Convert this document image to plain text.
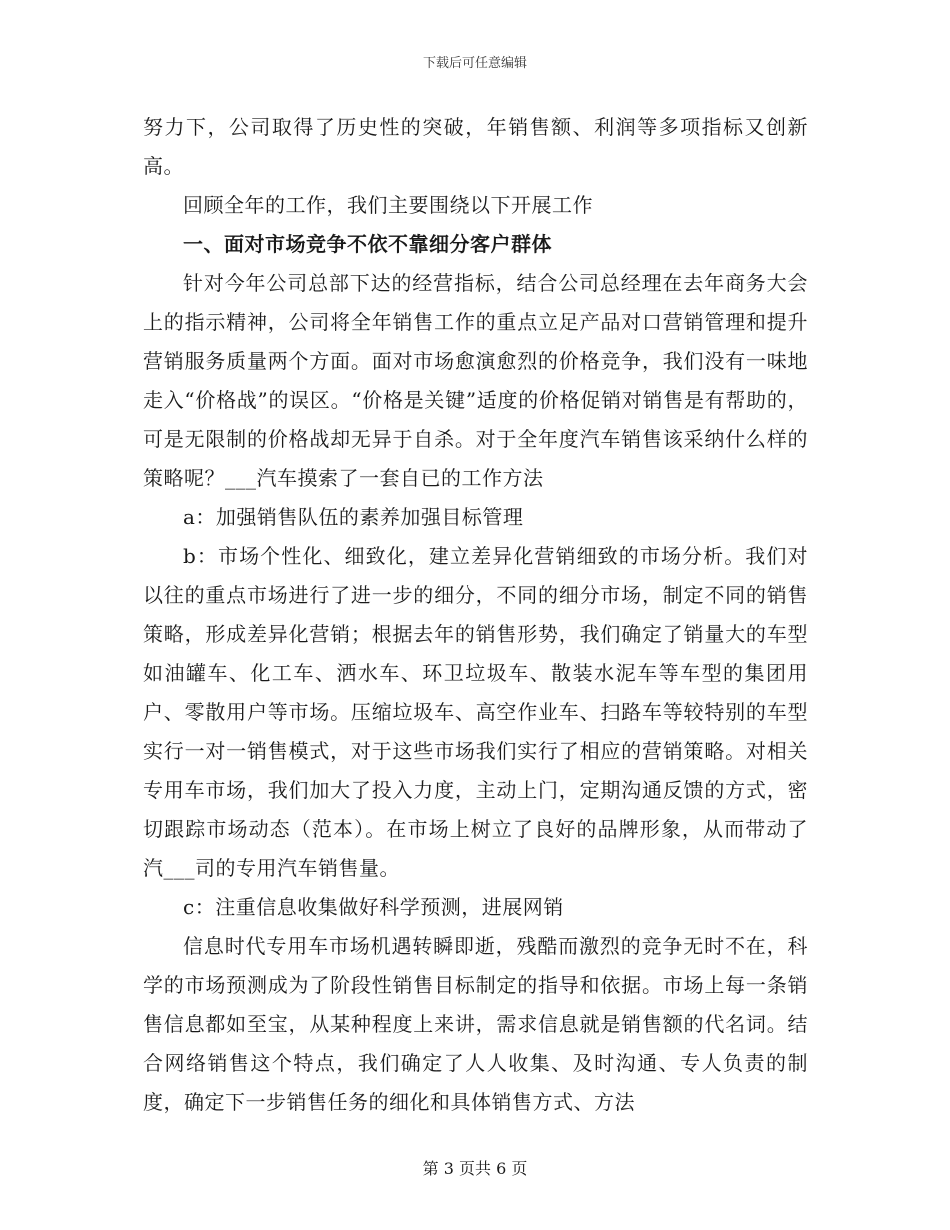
下载后可任意编辑

努力下，公司取得了历史性的突破，年销售额、利润等多项指标又创新高。

回顾全年的工作，我们主要围绕以下开展工作

一、面对市场竞争不依不靠细分客户群体

针对今年公司总部下达的经营指标，结合公司总经理在去年商务大会上的指示精神，公司将全年销售工作的重点立足产品对口营销管理和提升营销服务质量两个方面。面对市场愈演愈烈的价格竞争，我们没有一味地走入“价格战”的误区。“价格是关键”适度的价格促销对销售是有帮助的，可是无限制的价格战却无异于自杀。对于全年度汽车销售该采纳什么样的策略呢？___汽车摸索了一套自已的工作方法

a：加强销售队伍的素养加强目标管理

b：市场个性化、细致化，建立差异化营销细致的市场分析。我们对以往的重点市场进行了进一步的细分，不同的细分市场，制定不同的销售策略，形成差异化营销；根据去年的销售形势，我们确定了销量大的车型如油罐车、化工车、洒水车、环卫垃圾车、散装水泥车等车型的集团用户、零散用户等市场。压缩垃圾车、高空作业车、扫路车等较特别的车型实行一对一销售模式，对于这些市场我们实行了相应的营销策略。对相关专用车市场，我们加大了投入力度，主动上门，定期沟通反馈的方式，密切跟踪市场动态（范本）。在市场上树立了良好的品牌形象，从而带动了汽___司的专用汽车销售量。

c：注重信息收集做好科学预测，进展网销

信息时代专用车市场机遇转瞬即逝，残酷而激烈的竞争无时不在，科学的市场预测成为了阶段性销售目标制定的指导和依据。市场上每一条销售信息都如至宝，从某种程度上来讲，需求信息就是销售额的代名词。结合网络销售这个特点，我们确定了人人收集、及时沟通、专人负责的制度，确定下一步销售任务的细化和具体销售方式、方法

第 3 页共 6 页
